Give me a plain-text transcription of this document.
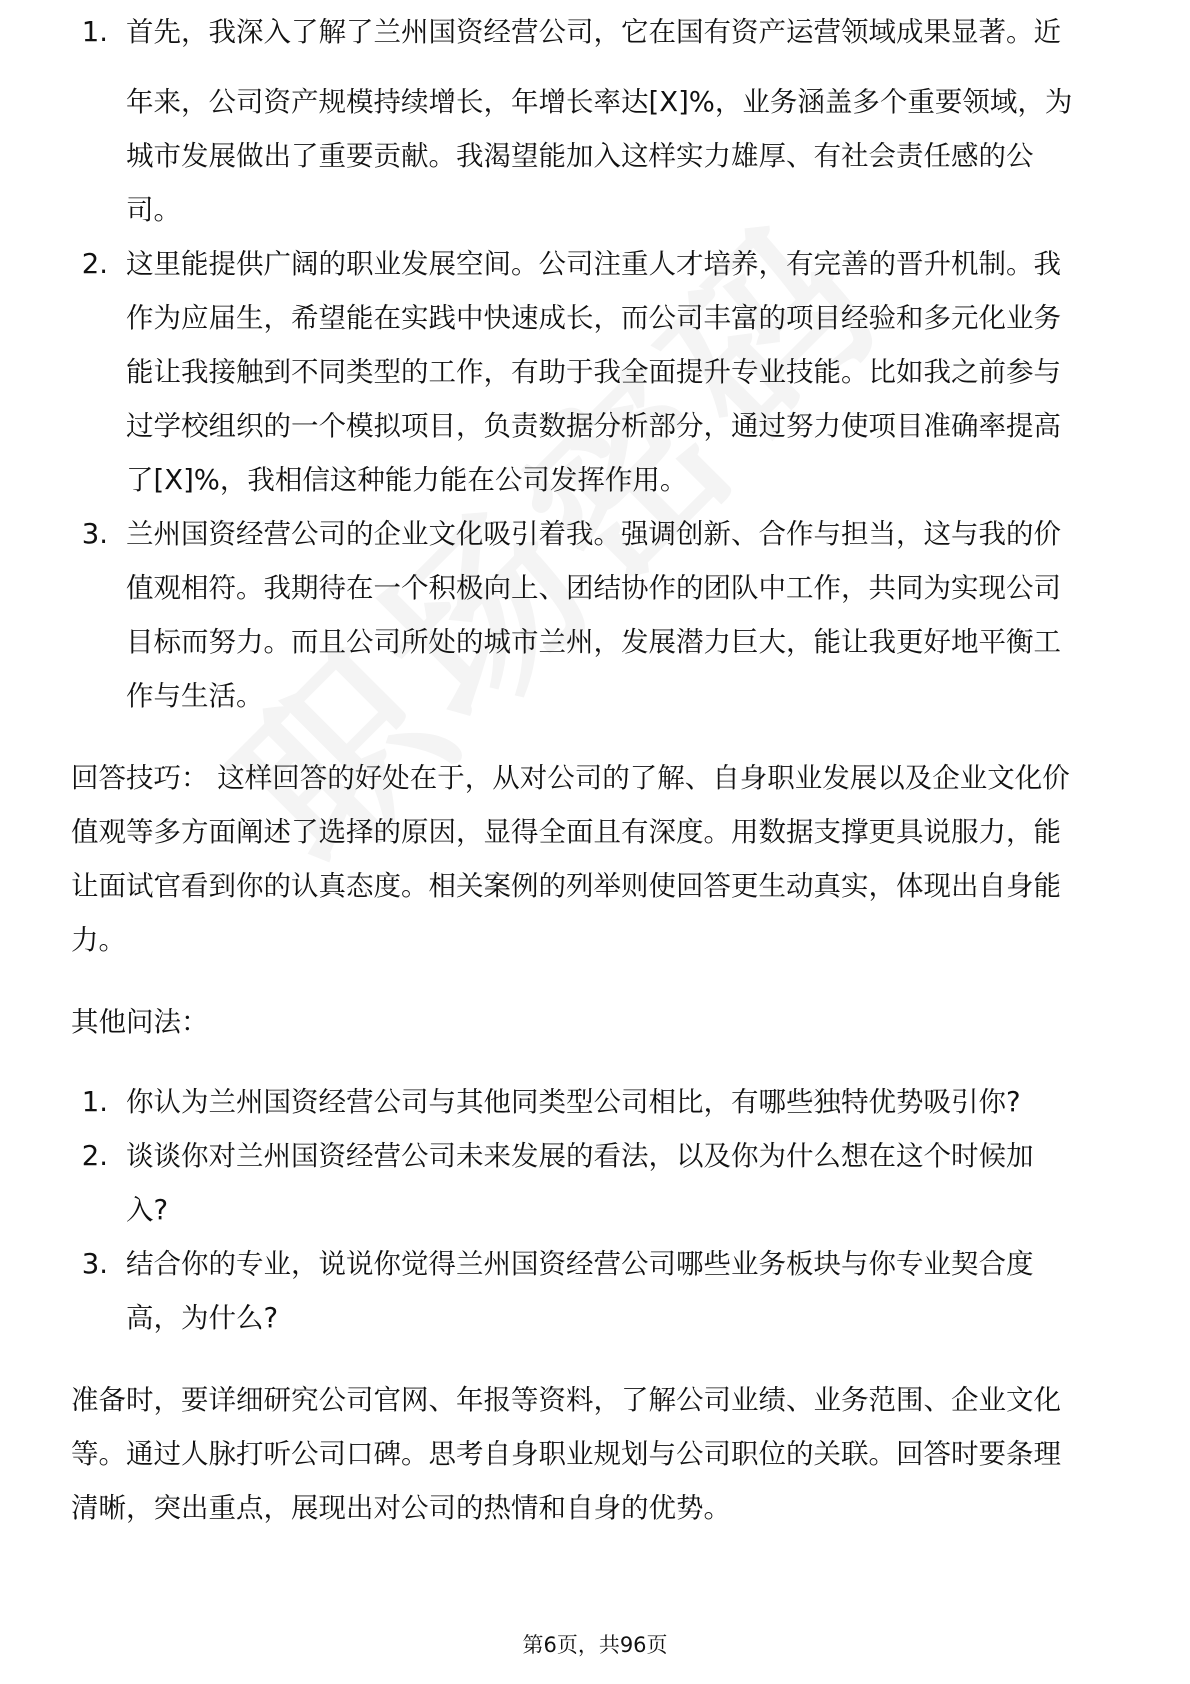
1. 首先，我深入了解了兰州国资经营公司，它在国有资产运营领域成果显著。近
年来，公司资产规模持续增长，年增长率达[X]%，业务涵盖多个重要领域，为
城市发展做出了重要贡献。我渴望能加入这样实力雄厚、有社会责任感的公
司。
2. 这里能提供广阔的职业发展空间。公司注重人才培养，有完善的晋升机制。我
作为应届生，希望能在实践中快速成长，而公司丰富的项目经验和多元化业务
能让我接触到不同类型的工作，有助于我全面提升专业技能。比如我之前参与
过学校组织的一个模拟项目，负责数据分析部分，通过努力使项目准确率提高
了[X]%，我相信这种能力能在公司发挥作用。
3. 兰州国资经营公司的企业文化吸引着我。强调创新、合作与担当，这与我的价
值观相符。我期待在一个积极向上、团结协作的团队中工作，共同为实现公司
目标而努力。而且公司所处的城市兰州，发展潜力巨大，能让我更好地平衡工
作与生活。
回答技巧： 这样回答的好处在于，从对公司的了解、自身职业发展以及企业文化价
值观等多方面阐述了选择的原因，显得全面且有深度。用数据支撑更具说服力，能
让面试官看到你的认真态度。相关案例的列举则使回答更生动真实，体现出自身能
力。
其他问法：
1. 你认为兰州国资经营公司与其他同类型公司相比，有哪些独特优势吸引你?
2. 谈谈你对兰州国资经营公司未来发展的看法，以及你为什么想在这个时候加
入?
3. 结合你的专业，说说你觉得兰州国资经营公司哪些业务板块与你专业契合度
高，为什么?
准备时，要详细研究公司官网、年报等资料，了解公司业绩、业务范围、企业文化
等。通过人脉打听公司口碑。思考自身职业规划与公司职位的关联。回答时要条理
清晰，突出重点，展现出对公司的热情和自身的优势。
第6页，共96页
